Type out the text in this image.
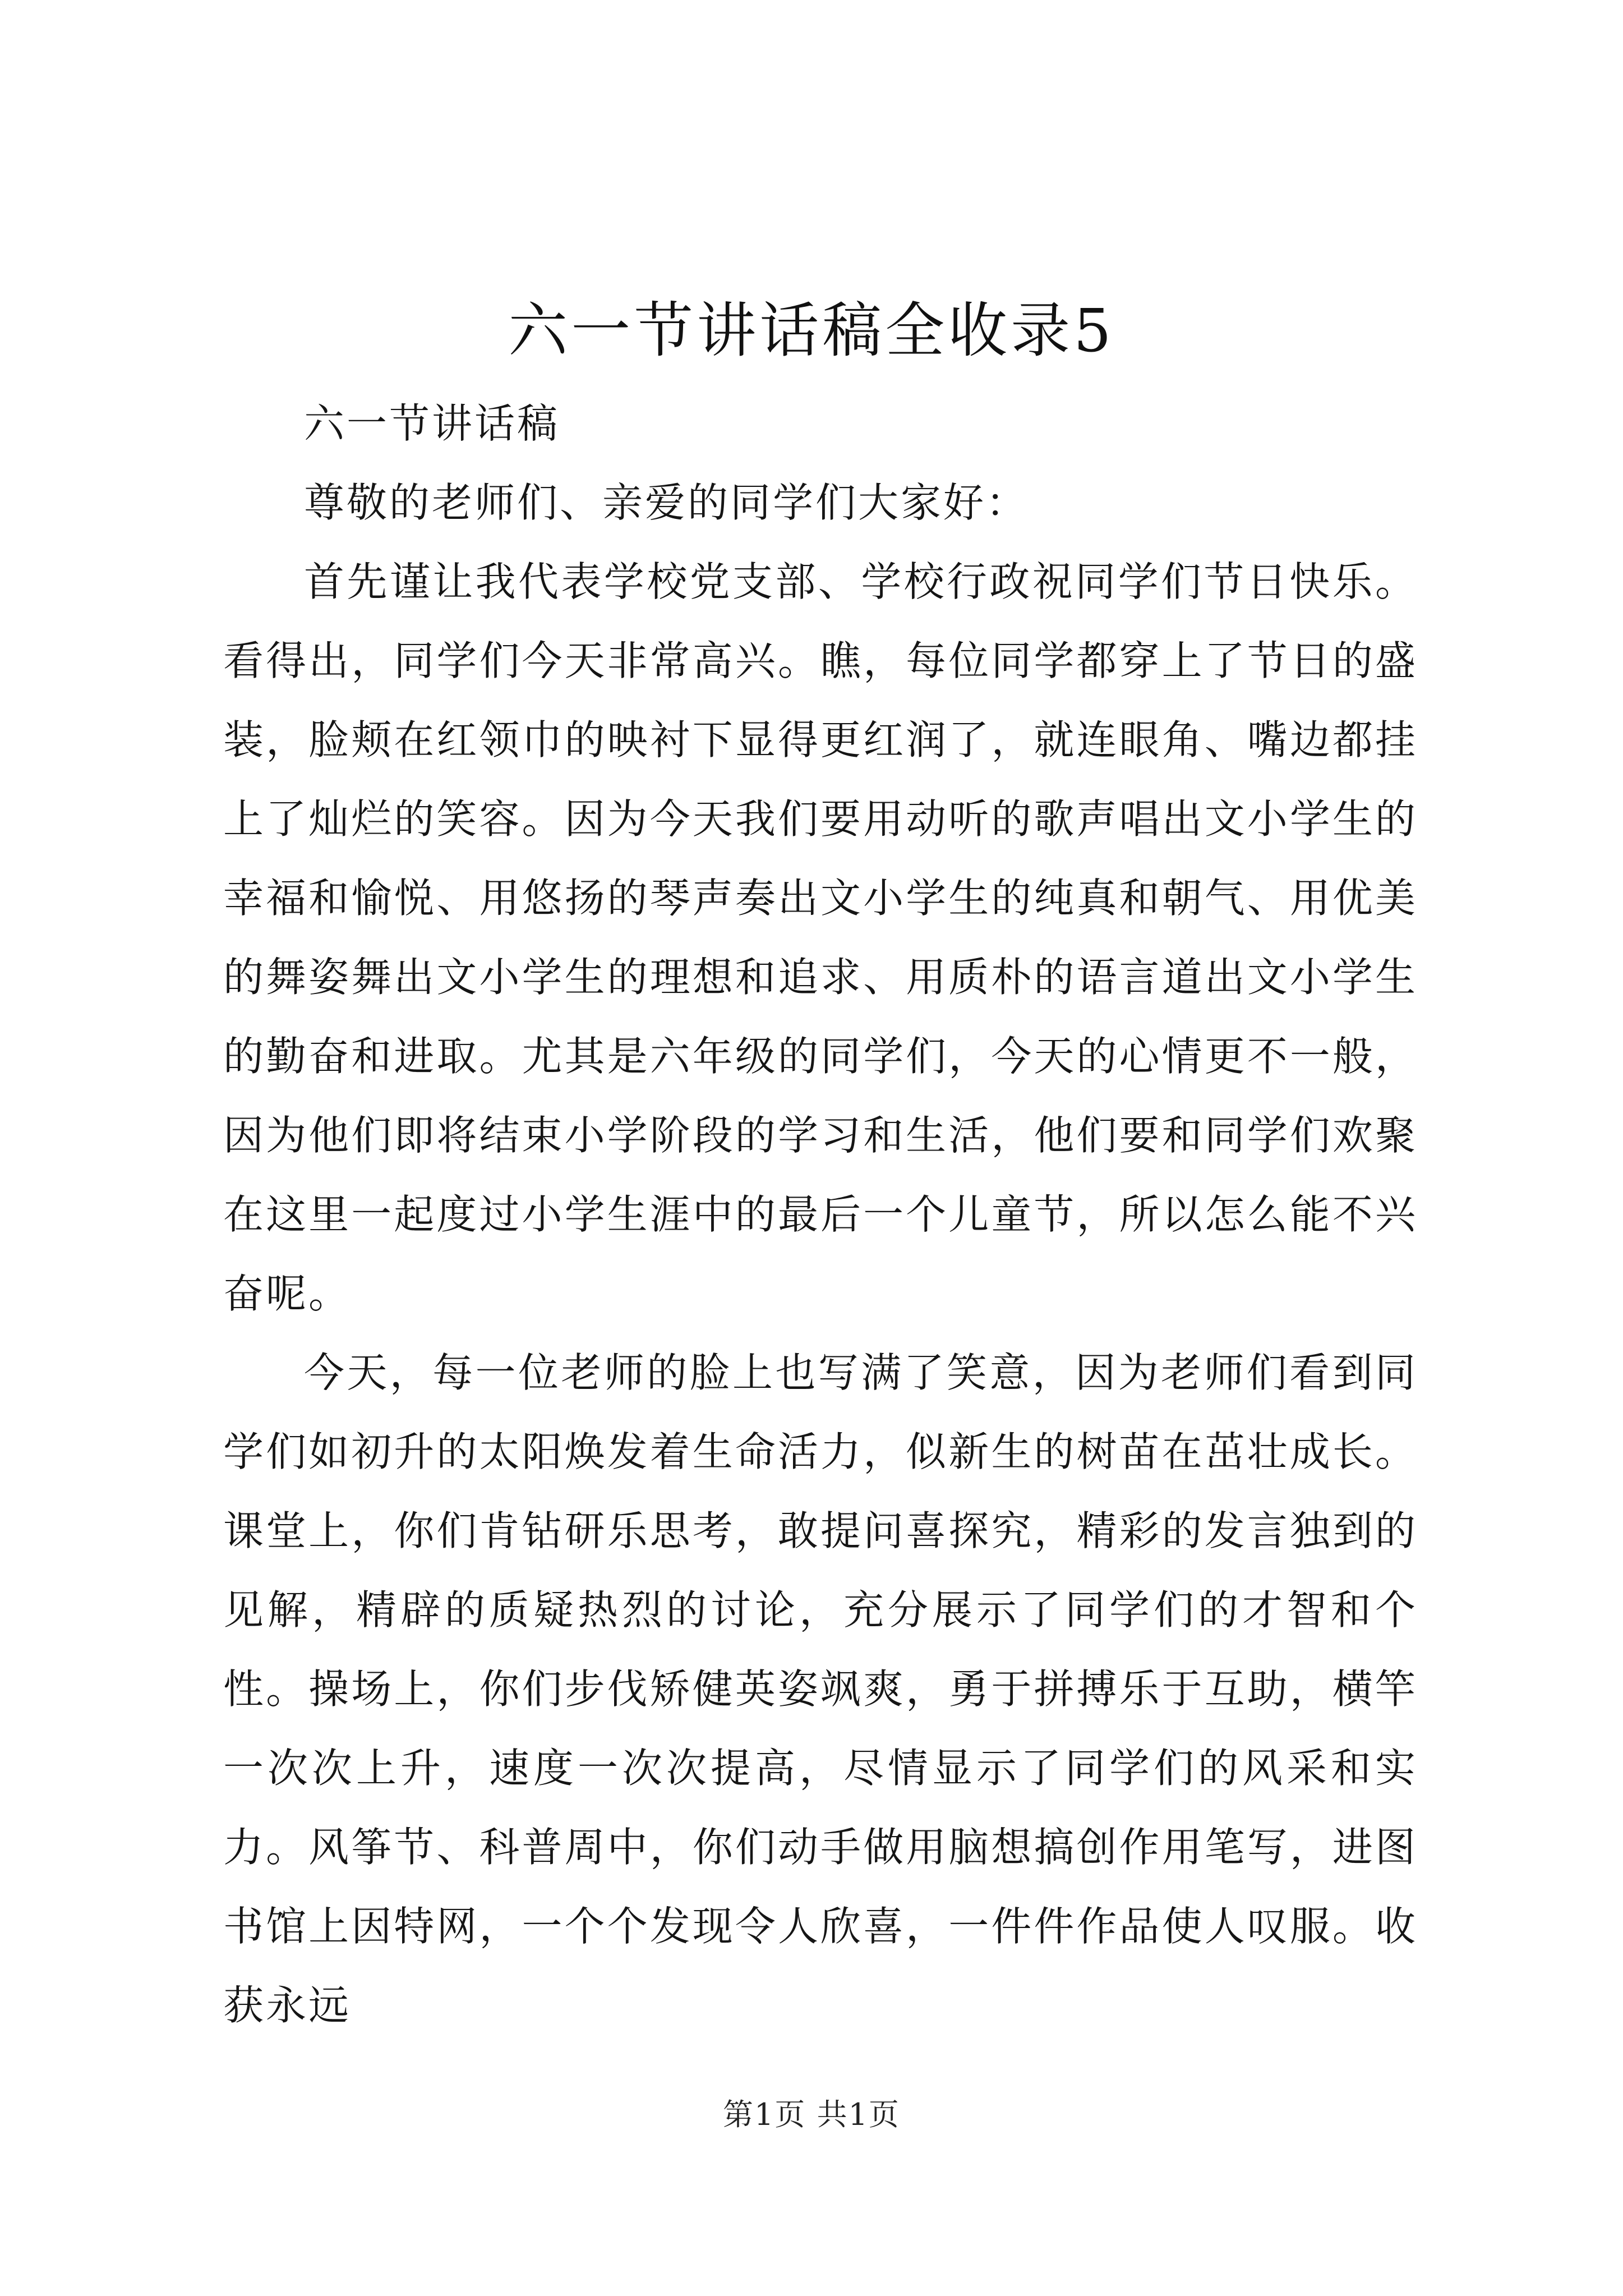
六一节讲话稿全收录5

六一节讲话稿

尊敬的老师们、亲爱的同学们大家好：

首先谨让我代表学校党支部、学校行政祝同学们节日快乐。看得出，同学们今天非常高兴。瞧，每位同学都穿上了节日的盛装，脸颊在红领巾的映衬下显得更红润了，就连眼角、嘴边都挂上了灿烂的笑容。因为今天我们要用动听的歌声唱出文小学生的幸福和愉悦、用悠扬的琴声奏出文小学生的纯真和朝气、用优美的舞姿舞出文小学生的理想和追求、用质朴的语言道出文小学生的勤奋和进取。尤其是六年级的同学们，今天的心情更不一般，因为他们即将结束小学阶段的学习和生活，他们要和同学们欢聚在这里一起度过小学生涯中的最后一个儿童节，所以怎么能不兴奋呢。

今天，每一位老师的脸上也写满了笑意，因为老师们看到同学们如初升的太阳焕发着生命活力，似新生的树苗在茁壮成长。课堂上，你们肯钻研乐思考，敢提问喜探究，精彩的发言独到的见解，精辟的质疑热烈的讨论，充分展示了同学们的才智和个性。操场上，你们步伐矫健英姿飒爽，勇于拼搏乐于互助，横竿一次次上升，速度一次次提高，尽情显示了同学们的风采和实力。风筝节、科普周中，你们动手做用脑想搞创作用笔写，进图书馆上因特网，一个个发现令人欣喜，一件件作品使人叹服。收获永远

第1页 共1页
